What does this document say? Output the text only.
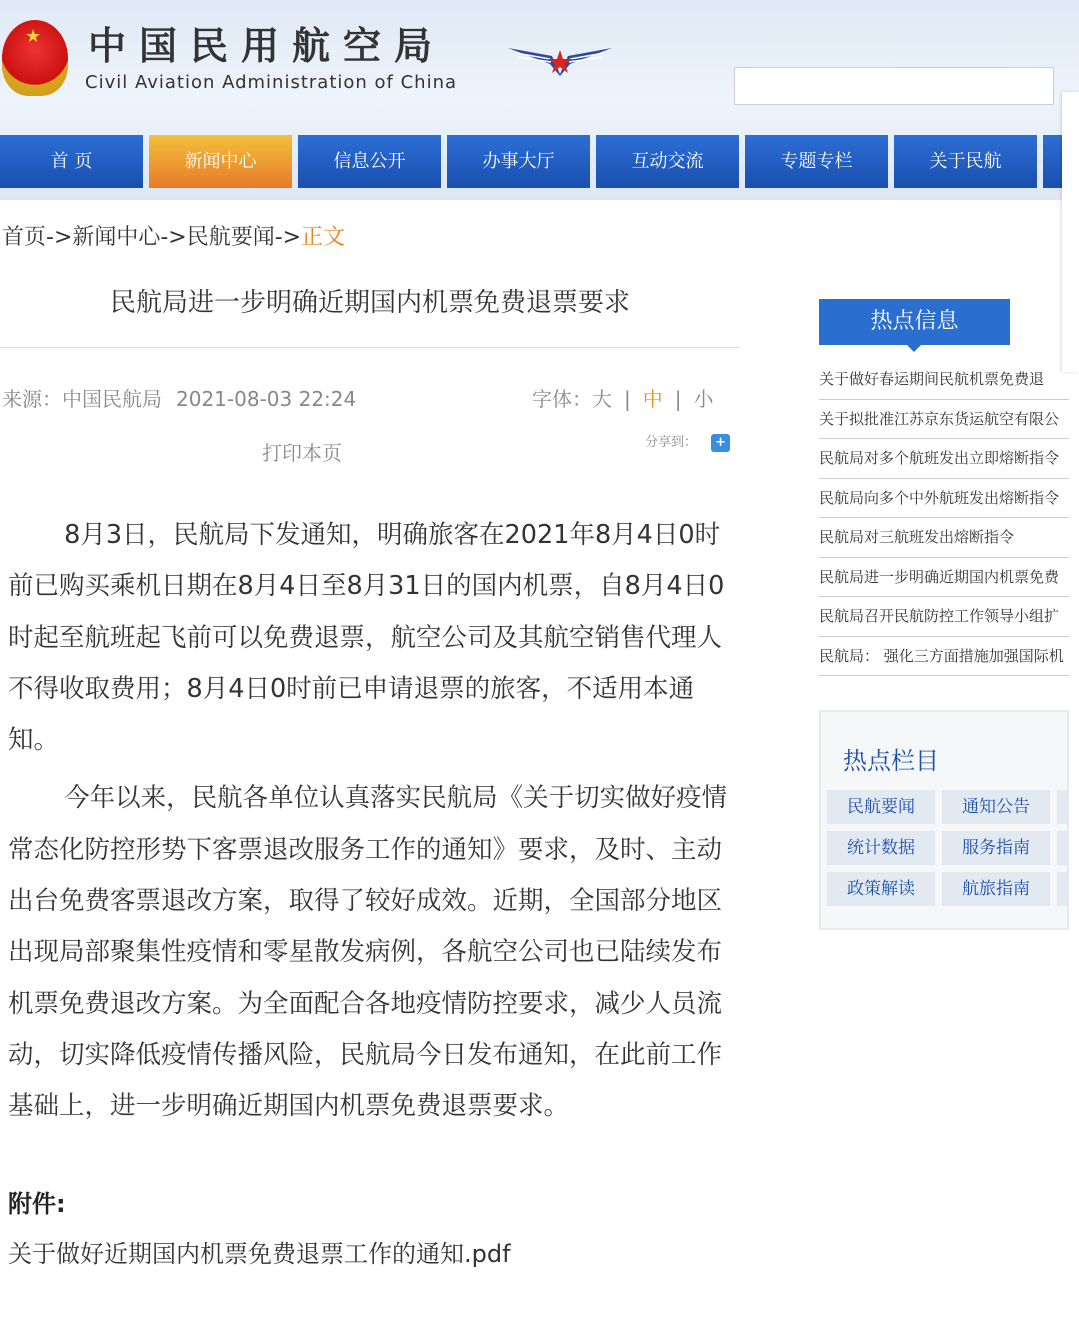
★
中国民用航空局
Civil Aviation Administration of China
首 页	新闻中心	信息公开	办事大厅	互动交流	专题专栏	关于民航
首页->新闻中心->民航要闻->正文
民航局进一步明确近期国内机票免费退票要求
来源：中国民航局 2021-08-03 22:24	字体：大 | 中 | 小
打印本页	分享到：	+

8月3日，民航局下发通知，明确旅客在2021年8月4日0时前已购买乘机日期在8月4日至8月31日的国内机票，自8月4日0时起至航班起飞前可以免费退票，航空公司及其航空销售代理人不得收取费用；8月4日0时前已申请退票的旅客，不适用本通知。

今年以来，民航各单位认真落实民航局《关于切实做好疫情常态化防控形势下客票退改服务工作的通知》要求，及时、主动出台免费客票退改方案，取得了较好成效。近期，全国部分地区出现局部聚集性疫情和零星散发病例，各航空公司也已陆续发布机票免费退改方案。为全面配合各地疫情防控要求，减少人员流动，切实降低疫情传播风险，民航局今日发布通知，在此前工作基础上，进一步明确近期国内机票免费退票要求。

附件:
关于做好近期国内机票免费退票工作的通知.pdf
热点信息
关于做好春运期间民航机票免费退
关于拟批准江苏京东货运航空有限公
民航局对多个航班发出立即熔断指令
民航局向多个中外航班发出熔断指令
民航局对三航班发出熔断指令
民航局进一步明确近期国内机票免费
民航局召开民航防控工作领导小组扩
民航局： 强化三方面措施加强国际机
热点栏目
民航要闻	通知公告
统计数据	服务指南
政策解读	航旅指南
